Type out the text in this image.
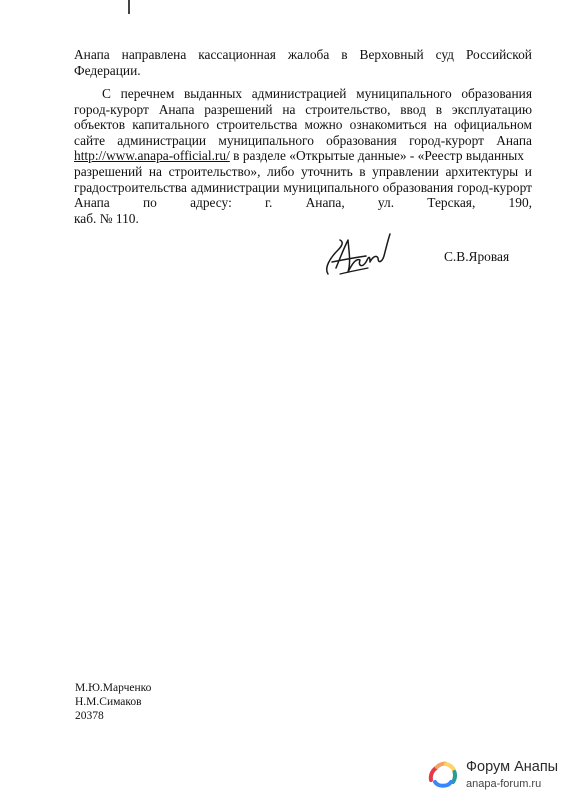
Анапа направлена кассационная жалоба в Верховный суд Российской
Федерации.

С перечнем выданных администрацией муниципального образования
город-курорт Анапа разрешений на строительство, ввод в эксплуатацию
объектов капитального строительства можно ознакомиться на официальном
сайте администрации муниципального образования город-курорт Анапа
http://www.anapa-official.ru/ в разделе «Открытые данные» - «Реестр выданных
разрешений на строительство», либо уточнить в управлении архитектуры и
градостроительства администрации муниципального образования город-курорт
Анапа по адресу: г. Анапа, ул. Терская, 190,
каб. № 110.

С.В.Яровая
М.Ю.Марченко
Н.М.Симаков
20378
Форум Анапы
anapa-forum.ru
